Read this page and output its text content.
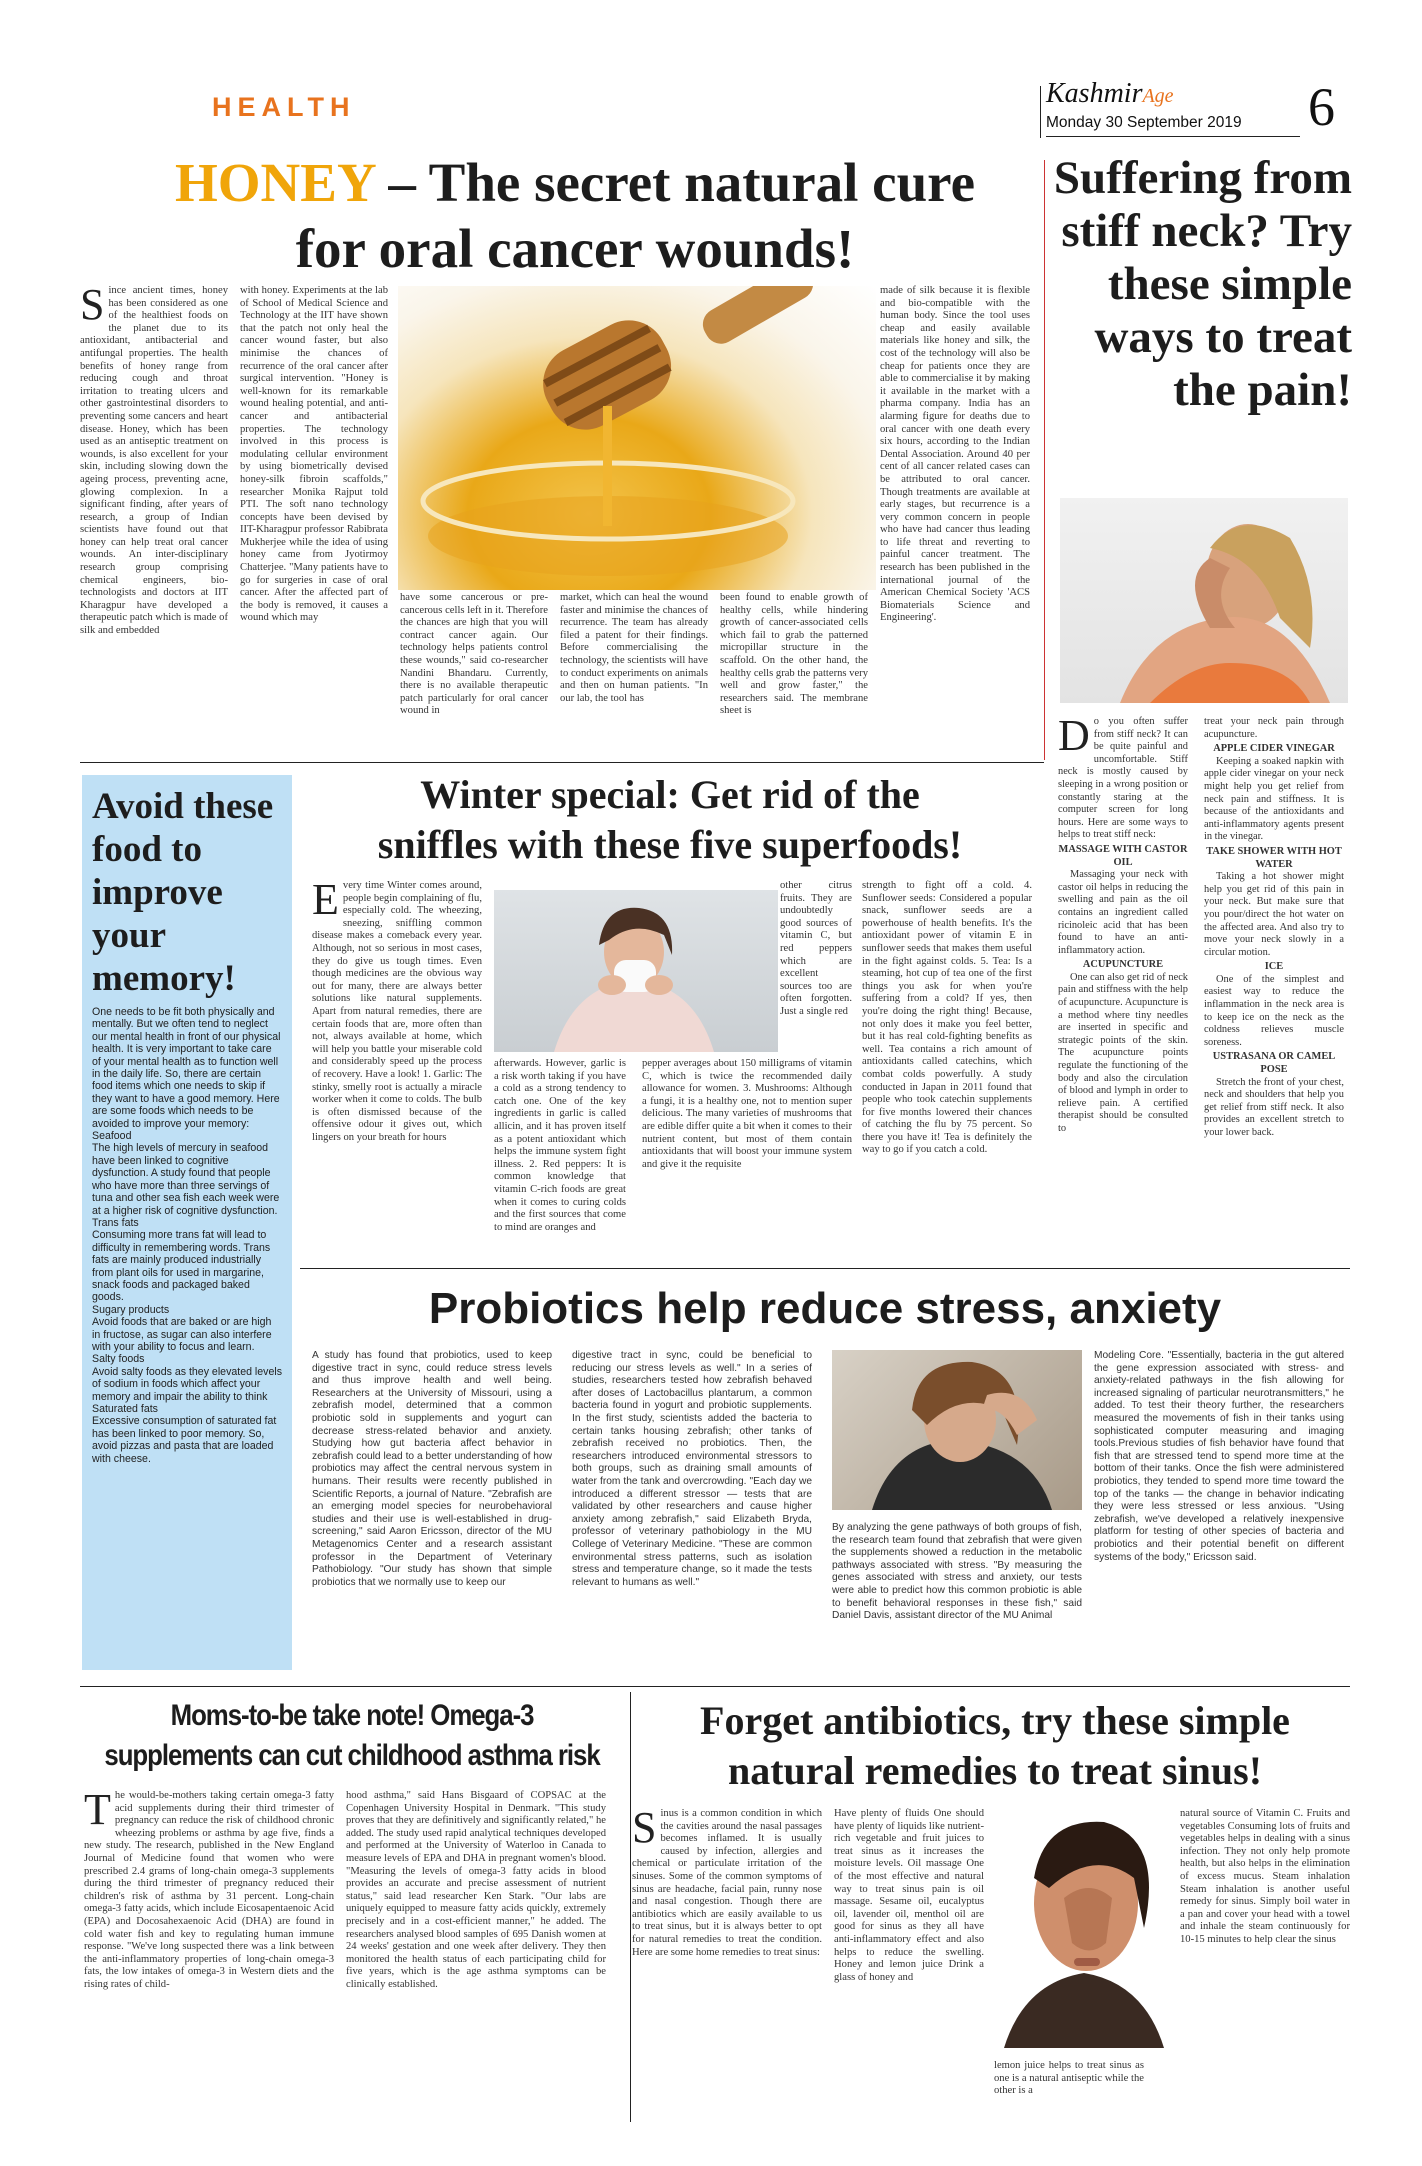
HEALTH	KashmirAge
Monday 30 September 2019 6
HONEY – The secret natural cure
for oral cancer wounds!

Since ancient times, honey has been considered as one of the healthiest foods on the planet due to its antioxidant, antibacterial and antifungal properties. The health benefits of honey range from reducing cough and throat irritation to treating ulcers and other gastrointestinal disorders to preventing some cancers and heart disease. Honey, which has been used as an antiseptic treatment on wounds, is also excellent for your skin, including slowing down the ageing process, preventing acne, glowing complexion. In a significant finding, after years of research, a group of Indian scientists have found out that honey can help treat oral cancer wounds. An inter-disciplinary research group comprising chemical engineers, bio-technologists and doctors at IIT Kharagpur have developed a therapeutic patch which is made of silk and embedded

with honey. Experiments at the lab of School of Medical Science and Technology at the IIT have shown that the patch not only heal the cancer wound faster, but also minimise the chances of recurrence of the oral cancer after surgical intervention. "Honey is well-known for its remarkable wound healing potential, and anti-cancer and antibacterial properties. The technology involved in this process is modulating cellular environment by using biometrically devised honey-silk fibroin scaffolds," researcher Monika Rajput told PTI. The soft nano technology concepts have been devised by IIT-Kharagpur professor Rabibrata Mukherjee while the idea of using honey came from Jyotirmoy Chatterjee. "Many patients have to go for surgeries in case of oral cancer. After the affected part of the body is removed, it causes a wound which may

have some cancerous or pre-cancerous cells left in it. Therefore the chances are high that you will contract cancer again. Our technology helps patients control these wounds," said co-researcher Nandini Bhandaru. Currently, there is no available therapeutic patch particularly for oral cancer wound in

market, which can heal the wound faster and minimise the chances of recurrence. The team has already filed a patent for their findings. Before commercialising the technology, the scientists will have to conduct experiments on animals and then on human patients. "In our lab, the tool has

been found to enable growth of healthy cells, while hindering growth of cancer-associated cells which fail to grab the patterned micropillar structure in the scaffold. On the other hand, the healthy cells grab the patterns very well and grow faster," the researchers said. The membrane sheet is

made of silk because it is flexible and bio-compatible with the human body. Since the tool uses cheap and easily available materials like honey and silk, the cost of the technology will also be cheap for patients once they are able to commercialise it by making it available in the market with a pharma company. India has an alarming figure for deaths due to oral cancer with one death every six hours, according to the Indian Dental Association. Around 40 per cent of all cancer related cases can be attributed to oral cancer. Though treatments are available at early stages, but recurrence is a very common concern in people who have had cancer thus leading to life threat and reverting to painful cancer treatment. The research has been published in the international journal of the American Chemical Society 'ACS Biomaterials Science and Engineering'.

Suffering from stiff neck? Try these simple ways to treat the pain!

Do you often suffer from stiff neck? It can be quite painful and uncomfortable. Stiff neck is mostly caused by sleeping in a wrong position or constantly staring at the computer screen for long hours. Here are some ways to helps to treat stiff neck:

MASSAGE WITH CASTOR OIL

Massaging your neck with castor oil helps in reducing the swelling and pain as the oil contains an ingredient called ricinoleic acid that has been found to have an anti-inflammatory action.

ACUPUNCTURE

One can also get rid of neck pain and stiffness with the help of acupuncture. Acupuncture is a method where tiny needles are inserted in specific and strategic points of the skin. The acupuncture points regulate the functioning of the body and also the circulation of blood and lymph in order to relieve pain. A certified therapist should be consulted to

treat your neck pain through acupuncture.

APPLE CIDER VINEGAR

Keeping a soaked napkin with apple cider vinegar on your neck might help you get relief from neck pain and stiffness. It is because of the antioxidants and anti-inflammatory agents present in the vinegar.

TAKE SHOWER WITH HOT WATER

Taking a hot shower might help you get rid of this pain in your neck. But make sure that you pour/direct the hot water on the affected area. And also try to move your neck slowly in a circular motion.

ICE

One of the simplest and easiest way to reduce the inflammation in the neck area is to keep ice on the neck as the coldness relieves muscle soreness.

USTRASANA OR CAMEL POSE

Stretch the front of your chest, neck and shoulders that help you get relief from stiff neck. It also provides an excellent stretch to your lower back.

Avoid these food to improve your memory!
One needs to be fit both physically and mentally. But we often tend to neglect our mental health in front of our physical health. It is very important to take care of your mental health as to function well in the daily life. So, there are certain food items which one needs to skip if they want to have a good memory. Here are some foods which needs to be avoided to improve your memory:
Seafood
The high levels of mercury in seafood have been linked to cognitive dysfunction. A study found that people who have more than three servings of tuna and other sea fish each week were at a higher risk of cognitive dysfunction.
Trans fats
Consuming more trans fat will lead to difficulty in remembering words. Trans fats are mainly produced industrially from plant oils for used in margarine, snack foods and packaged baked goods.
Sugary products
Avoid foods that are baked or are high in fructose, as sugar can also interfere with your ability to focus and learn.
Salty foods
Avoid salty foods as they elevated levels of sodium in foods which affect your memory and impair the ability to think
Saturated fats
Excessive consumption of saturated fat has been linked to poor memory. So, avoid pizzas and pasta that are loaded with cheese.
Winter special: Get rid of the
sniffles with these five superfoods!

Every time Winter comes around, people begin complaining of flu, especially cold. The wheezing, sneezing, sniffling common disease makes a comeback every year. Although, not so serious in most cases, they do give us tough times. Even though medicines are the obvious way out for many, there are always better solutions like natural supplements. Apart from natural remedies, there are certain foods that are, more often than not, always available at home, which will help you battle your miserable cold and considerably speed up the process of recovery. Have a look! 1. Garlic: The stinky, smelly root is actually a miracle worker when it come to colds. The bulb is often dismissed because of the offensive odour it gives out, which lingers on your breath for hours

afterwards. However, garlic is a risk worth taking if you have a cold as a strong tendency to catch one. One of the key ingredients in garlic is called allicin, and it has proven itself as a potent antioxidant which helps the immune system fight illness. 2. Red peppers: It is common knowledge that vitamin C-rich foods are great when it comes to curing colds and the first sources that come to mind are oranges and

other citrus fruits. They are undoubtedly good sources of vitamin C, but red peppers which are excellent sources too are often forgotten. Just a single red

pepper averages about 150 milligrams of vitamin C, which is twice the recommended daily allowance for women. 3. Mushrooms: Although a fungi, it is a healthy one, not to mention super delicious. The many varieties of mushrooms that are edible differ quite a bit when it comes to their nutrient content, but most of them contain antioxidants that will boost your immune system and give it the requisite

strength to fight off a cold. 4. Sunflower seeds: Considered a popular snack, sunflower seeds are a powerhouse of health benefits. It's the antioxidant power of vitamin E in sunflower seeds that makes them useful in the fight against colds. 5. Tea: Is a steaming, hot cup of tea one of the first things you ask for when you're suffering from a cold? If yes, then you're doing the right thing! Because, not only does it make you feel better, but it has real cold-fighting benefits as well. Tea contains a rich amount of antioxidants called catechins, which combat colds powerfully. A study conducted in Japan in 2011 found that people who took catechin supplements for five months lowered their chances of catching the flu by 75 percent. So there you have it! Tea is definitely the way to go if you catch a cold.

Probiotics help reduce stress, anxiety

A study has found that probiotics, used to keep digestive tract in sync, could reduce stress levels and thus improve health and well being. Researchers at the University of Missouri, using a zebrafish model, determined that a common probiotic sold in supplements and yogurt can decrease stress-related behavior and anxiety. Studying how gut bacteria affect behavior in zebrafish could lead to a better understanding of how probiotics may affect the central nervous system in humans. Their results were recently published in Scientific Reports, a journal of Nature. "Zebrafish are an emerging model species for neurobehavioral studies and their use is well-established in drug-screening," said Aaron Ericsson, director of the MU Metagenomics Center and a research assistant professor in the Department of Veterinary Pathobiology. "Our study has shown that simple probiotics that we normally use to keep our

digestive tract in sync, could be beneficial to reducing our stress levels as well." In a series of studies, researchers tested how zebrafish behaved after doses of Lactobacillus plantarum, a common bacteria found in yogurt and probiotic supplements. In the first study, scientists added the bacteria to certain tanks housing zebrafish; other tanks of zebrafish received no probiotics. Then, the researchers introduced environmental stressors to both groups, such as draining small amounts of water from the tank and overcrowding. "Each day we introduced a different stressor — tests that are validated by other researchers and cause higher anxiety among zebrafish," said Elizabeth Bryda, professor of veterinary pathobiology in the MU College of Veterinary Medicine. "These are common environmental stress patterns, such as isolation stress and temperature change, so it made the tests relevant to humans as well."

By analyzing the gene pathways of both groups of fish, the research team found that zebrafish that were given the supplements showed a reduction in the metabolic pathways associated with stress. "By measuring the genes associated with stress and anxiety, our tests were able to predict how this common probiotic is able to benefit behavioral responses in these fish," said Daniel Davis, assistant director of the MU Animal

Modeling Core. "Essentially, bacteria in the gut altered the gene expression associated with stress- and anxiety-related pathways in the fish allowing for increased signaling of particular neurotransmitters," he added. To test their theory further, the researchers measured the movements of fish in their tanks using sophisticated computer measuring and imaging tools.Previous studies of fish behavior have found that fish that are stressed tend to spend more time at the bottom of their tanks. Once the fish were administered probiotics, they tended to spend more time toward the top of the tanks — the change in behavior indicating they were less stressed or less anxious. "Using zebrafish, we've developed a relatively inexpensive platform for testing of other species of bacteria and probiotics and their potential benefit on different systems of the body," Ericsson said.

Moms-to-be take note! Omega-3
supplements can cut childhood asthma risk

The would-be-mothers taking certain omega-3 fatty acid supplements during their third trimester of pregnancy can reduce the risk of childhood chronic wheezing problems or asthma by age five, finds a new study. The research, published in the New England Journal of Medicine found that women who were prescribed 2.4 grams of long-chain omega-3 supplements during the third trimester of pregnancy reduced their children's risk of asthma by 31 percent. Long-chain omega-3 fatty acids, which include Eicosapentaenoic Acid (EPA) and Docosahexaenoic Acid (DHA) are found in cold water fish and key to regulating human immune response. "We've long suspected there was a link between the anti-inflammatory properties of long-chain omega-3 fats, the low intakes of omega-3 in Western diets and the rising rates of child-

hood asthma," said Hans Bisgaard of COPSAC at the Copenhagen University Hospital in Denmark. "This study proves that they are definitively and significantly related," he added. The study used rapid analytical techniques developed and performed at the University of Waterloo in Canada to measure levels of EPA and DHA in pregnant women's blood. "Measuring the levels of omega-3 fatty acids in blood provides an accurate and precise assessment of nutrient status," said lead researcher Ken Stark. "Our labs are uniquely equipped to measure fatty acids quickly, extremely precisely and in a cost-efficient manner," he added. The researchers analysed blood samples of 695 Danish women at 24 weeks' gestation and one week after delivery. They then monitored the health status of each participating child for five years, which is the age asthma symptoms can be clinically established.

Forget antibiotics, try these simple
natural remedies to treat sinus!

Sinus is a common condition in which the cavities around the nasal passages becomes inflamed. It is usually caused by infection, allergies and chemical or particulate irritation of the sinuses. Some of the common symptoms of sinus are headache, facial pain, runny nose and nasal congestion. Though there are antibiotics which are easily available to us to treat sinus, but it is always better to opt for natural remedies to treat the condition. Here are some home remedies to treat sinus:

Have plenty of fluids One should have plenty of liquids like nutrient-rich vegetable and fruit juices to treat sinus as it increases the moisture levels. Oil massage One of the most effective and natural way to treat sinus pain is oil massage. Sesame oil, eucalyptus oil, lavender oil, menthol oil are good for sinus as they all have anti-inflammatory effect and also helps to reduce the swelling. Honey and lemon juice Drink a glass of honey and

lemon juice helps to treat sinus as one is a natural antiseptic while the other is a

natural source of Vitamin C. Fruits and vegetables Consuming lots of fruits and vegetables helps in dealing with a sinus infection. They not only help promote health, but also helps in the elimination of excess mucus. Steam inhalation Steam inhalation is another useful remedy for sinus. Simply boil water in a pan and cover your head with a towel and inhale the steam continuously for 10-15 minutes to help clear the sinus
